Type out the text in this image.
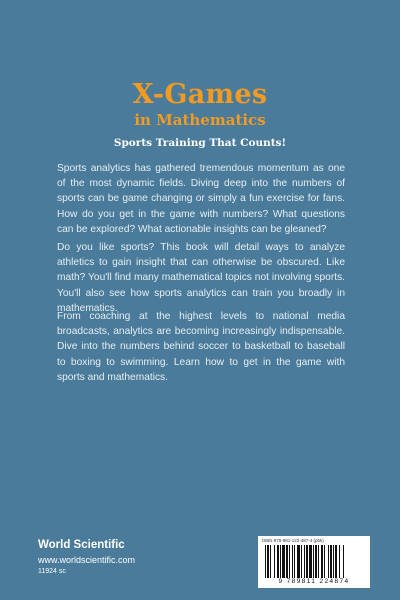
X-Games
in Mathematics
Sports Training That Counts!
Sports analytics has gathered tremendous momentum as one of the most dynamic fields. Diving deep into the numbers of sports can be game changing or simply a fun exercise for fans. How do you get in the game with numbers? What questions can be explored? What actionable insights can be gleaned?
Do you like sports? This book will detail ways to analyze athletics to gain insight that can otherwise be obscured. Like math? You'll find many mathematical topics not involving sports. You'll also see how sports analytics can train you broadly in mathematics.
From coaching at the highest levels to national media broadcasts, analytics are becoming increasingly indispensable. Dive into the numbers behind soccer to basketball to baseball to boxing to swimming. Learn how to get in the game with sports and mathematics.
World Scientific
www.worldscientific.com
11924 sc
ISBN 978-981-122-487-4 (pbk)
9 789811 224874
